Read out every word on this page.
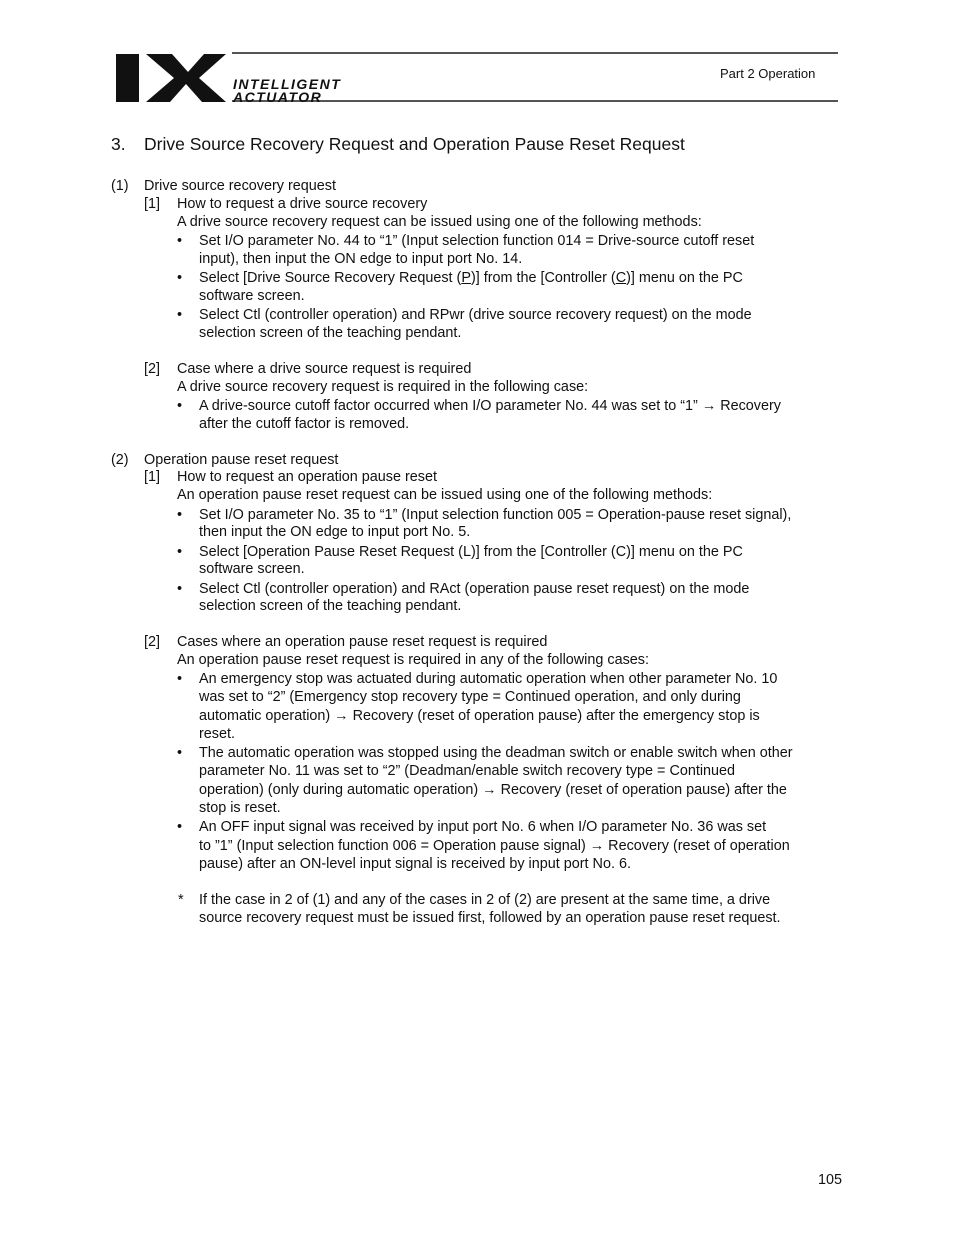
INTELLIGENT
ACTUATOR
Part 2 Operation
3. Drive Source Recovery Request and Operation Pause Reset Request
(1) Drive source recovery request
[1] How to request a drive source recovery
A drive source recovery request can be issued using one of the following methods:
• Set I/O parameter No. 44 to “1” (Input selection function 014 = Drive-source cutoff reset
input), then input the ON edge to input port No. 14.
• Select [Drive Source Recovery Request (P)] from the [Controller (C)] menu on the PC
software screen.
• Select Ctl (controller operation) and RPwr (drive source recovery request) on the mode
selection screen of the teaching pendant.
[2] Case where a drive source request is required
A drive source recovery request is required in the following case:
• A drive-source cutoff factor occurred when I/O parameter No. 44 was set to “1” → Recovery
after the cutoff factor is removed.
(2) Operation pause reset request
[1] How to request an operation pause reset
An operation pause reset request can be issued using one of the following methods:
• Set I/O parameter No. 35 to “1” (Input selection function 005 = Operation-pause reset signal),
then input the ON edge to input port No. 5.
• Select [Operation Pause Reset Request (L)] from the [Controller (C)] menu on the PC
software screen.
• Select Ctl (controller operation) and RAct (operation pause reset request) on the mode
selection screen of the teaching pendant.
[2] Cases where an operation pause reset request is required
An operation pause reset request is required in any of the following cases:
• An emergency stop was actuated during automatic operation when other parameter No. 10
was set to “2” (Emergency stop recovery type = Continued operation, and only during
automatic operation) → Recovery (reset of operation pause) after the emergency stop is
reset.
• The automatic operation was stopped using the deadman switch or enable switch when other
parameter No. 11 was set to “2” (Deadman/enable switch recovery type = Continued
operation) (only during automatic operation) → Recovery (reset of operation pause) after the
stop is reset.
• An OFF input signal was received by input port No. 6 when I/O parameter No. 36 was set
to ”1” (Input selection function 006 = Operation pause signal) → Recovery (reset of operation
pause) after an ON-level input signal is received by input port No. 6.
* If the case in 2 of (1) and any of the cases in 2 of (2) are present at the same time, a drive
source recovery request must be issued first, followed by an operation pause reset request.
105
